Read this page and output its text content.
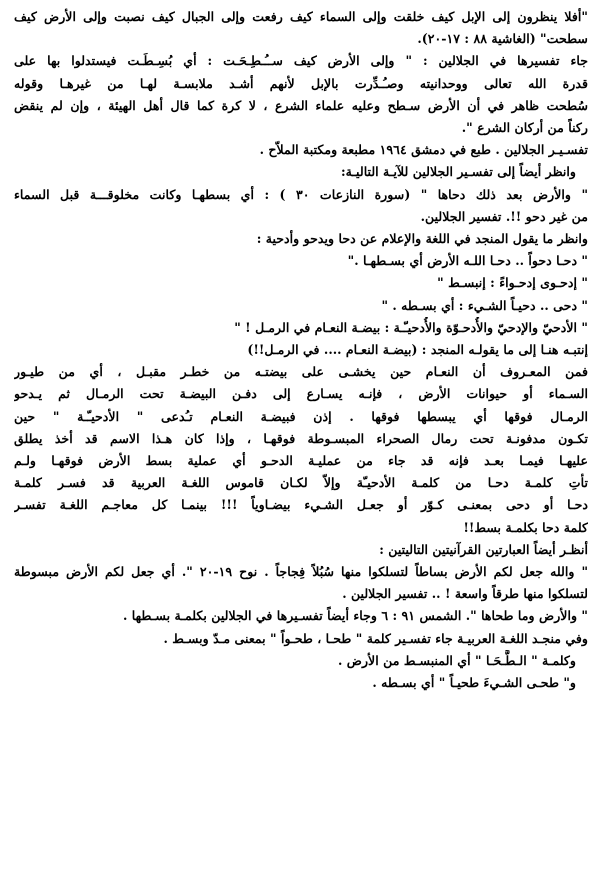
"أفلا ينظرون إلى الإبل كيف خلقت وإلى السماء كيف رفعت وإلى الجبال كيف نصبت وإلى الأرض كيف
سطحت" (الغاشية ٨٨ : ١٧-٢٠).
جاء تفسيرها في الجلالين : " وإلى الأرض كيف ســُـطِـحَـت : أي بُسِـطَـت فيستدلوا بها على
قدرة الله تعالى ووحدانيته وصـُـدِّرت بالإبل لأنهم أشـد ملابسـة لهـا من غيرهـا وقوله
سُطحت ظاهر في أن الأرض سـطح وعليه علماء الشرع ، لا كرة كما قال أهل الهيئة ، وإن لم ينقض
ركناً من أركان الشرع ".
تفسـيـر الجلالين . طبع في دمشق ١٩٦٤ مطبعة ومكتبة الملاّح .
وانظر أيضاً إلى تفسـير الجلالين للآيـة التاليـة:
" والأرض بعد ذلك دحاها " (سورة النازعات ٣٠ ) : أي بسطهـا وكانت مخلوقـــة قبل السماء
من غير دحو !!. تفسير الجلالين.
وانظر ما يقول المنجد في اللغة والإعلام عن دحا ويدحو وأدحية :
" دحـا دحواً .. دحـا اللـه الأرض أي بسـطهـا ."
" إدحـوى إدحـواءً : إنبسـط "
" دحى .. دحيـاً الشـيء : أي بسـطه . "
" الأدحيّ والإدحيّ والأُدحـوّة والأُدحيـّـة : بيضـة النعـام في الرمـل ! "
إنتبـه هنـا إلى ما يقولـه المنجد : (بيضـة النعـام .... في الرمـل!!)
فمن المعـروف أن النعـام حين يخشـى على بيضتـه من خطـر مقبـل ، أي من طيـور
السـماء أو حيوانات الأرض ، فإنـه يسـارع إلى دفـن البيضـة تحت الرمـال ثم يـدحو
الرمـال فوقها أي يبسطها فوقها . إذن فبيضـة النعـام تـُدعى " الأدحيـّـة " حين
تكـون مدفونـة تحت رمال الصحراء المبسـوطة فوقهـا ، وإذا كان هـذا الاسم قد أخذ يطلق
عليهـا فيمـا بعـد فإنه قد جاء من عمليـة الدحـو أي عملية بسط الأرض فوقهـا ولـم
تأتِ كلمـة دحـا من كلمـة الأدحيـّة وإلاّ لكـان قاموس اللغـة العربية قد فسـر كلمـة
دحـا أو دحى بمعنـى كـوّر أو جعـل الشـيء بيضـاوياً !!! بينمـا كل معاجـم اللغـة تفسـر
كلمة دحا بكلمـة بسط!!
أنظـر أيضاً العبارتين القرآنيتين التاليتين :
" والله جعل لكم الأرض بساطاً لتسلكوا منها سُبُلاً فِجاجاً . نوح ١٩-٢٠ ". أي جعل لكم الأرض مبسوطة
لتسلكوا منها طرقاً واسعة ! .. تفسير الجلالين .
" والأرض وما طحاها ". الشمس ٩١ : ٦ وجاء أيضاً تفسـيرها في الجلالين بكلمـة بسـطها .
وفي منجـد اللغـة العربيـة جاء تفسـير كلمة " طحـا ، طحـواً " بمعنى مـدّ وبسـط .
وكلمـة " الـطَّـحَـا " أي المنبسـط من الأرض .
و" طحـى الشـيءَ طحيـاً " أي بسـطه .
